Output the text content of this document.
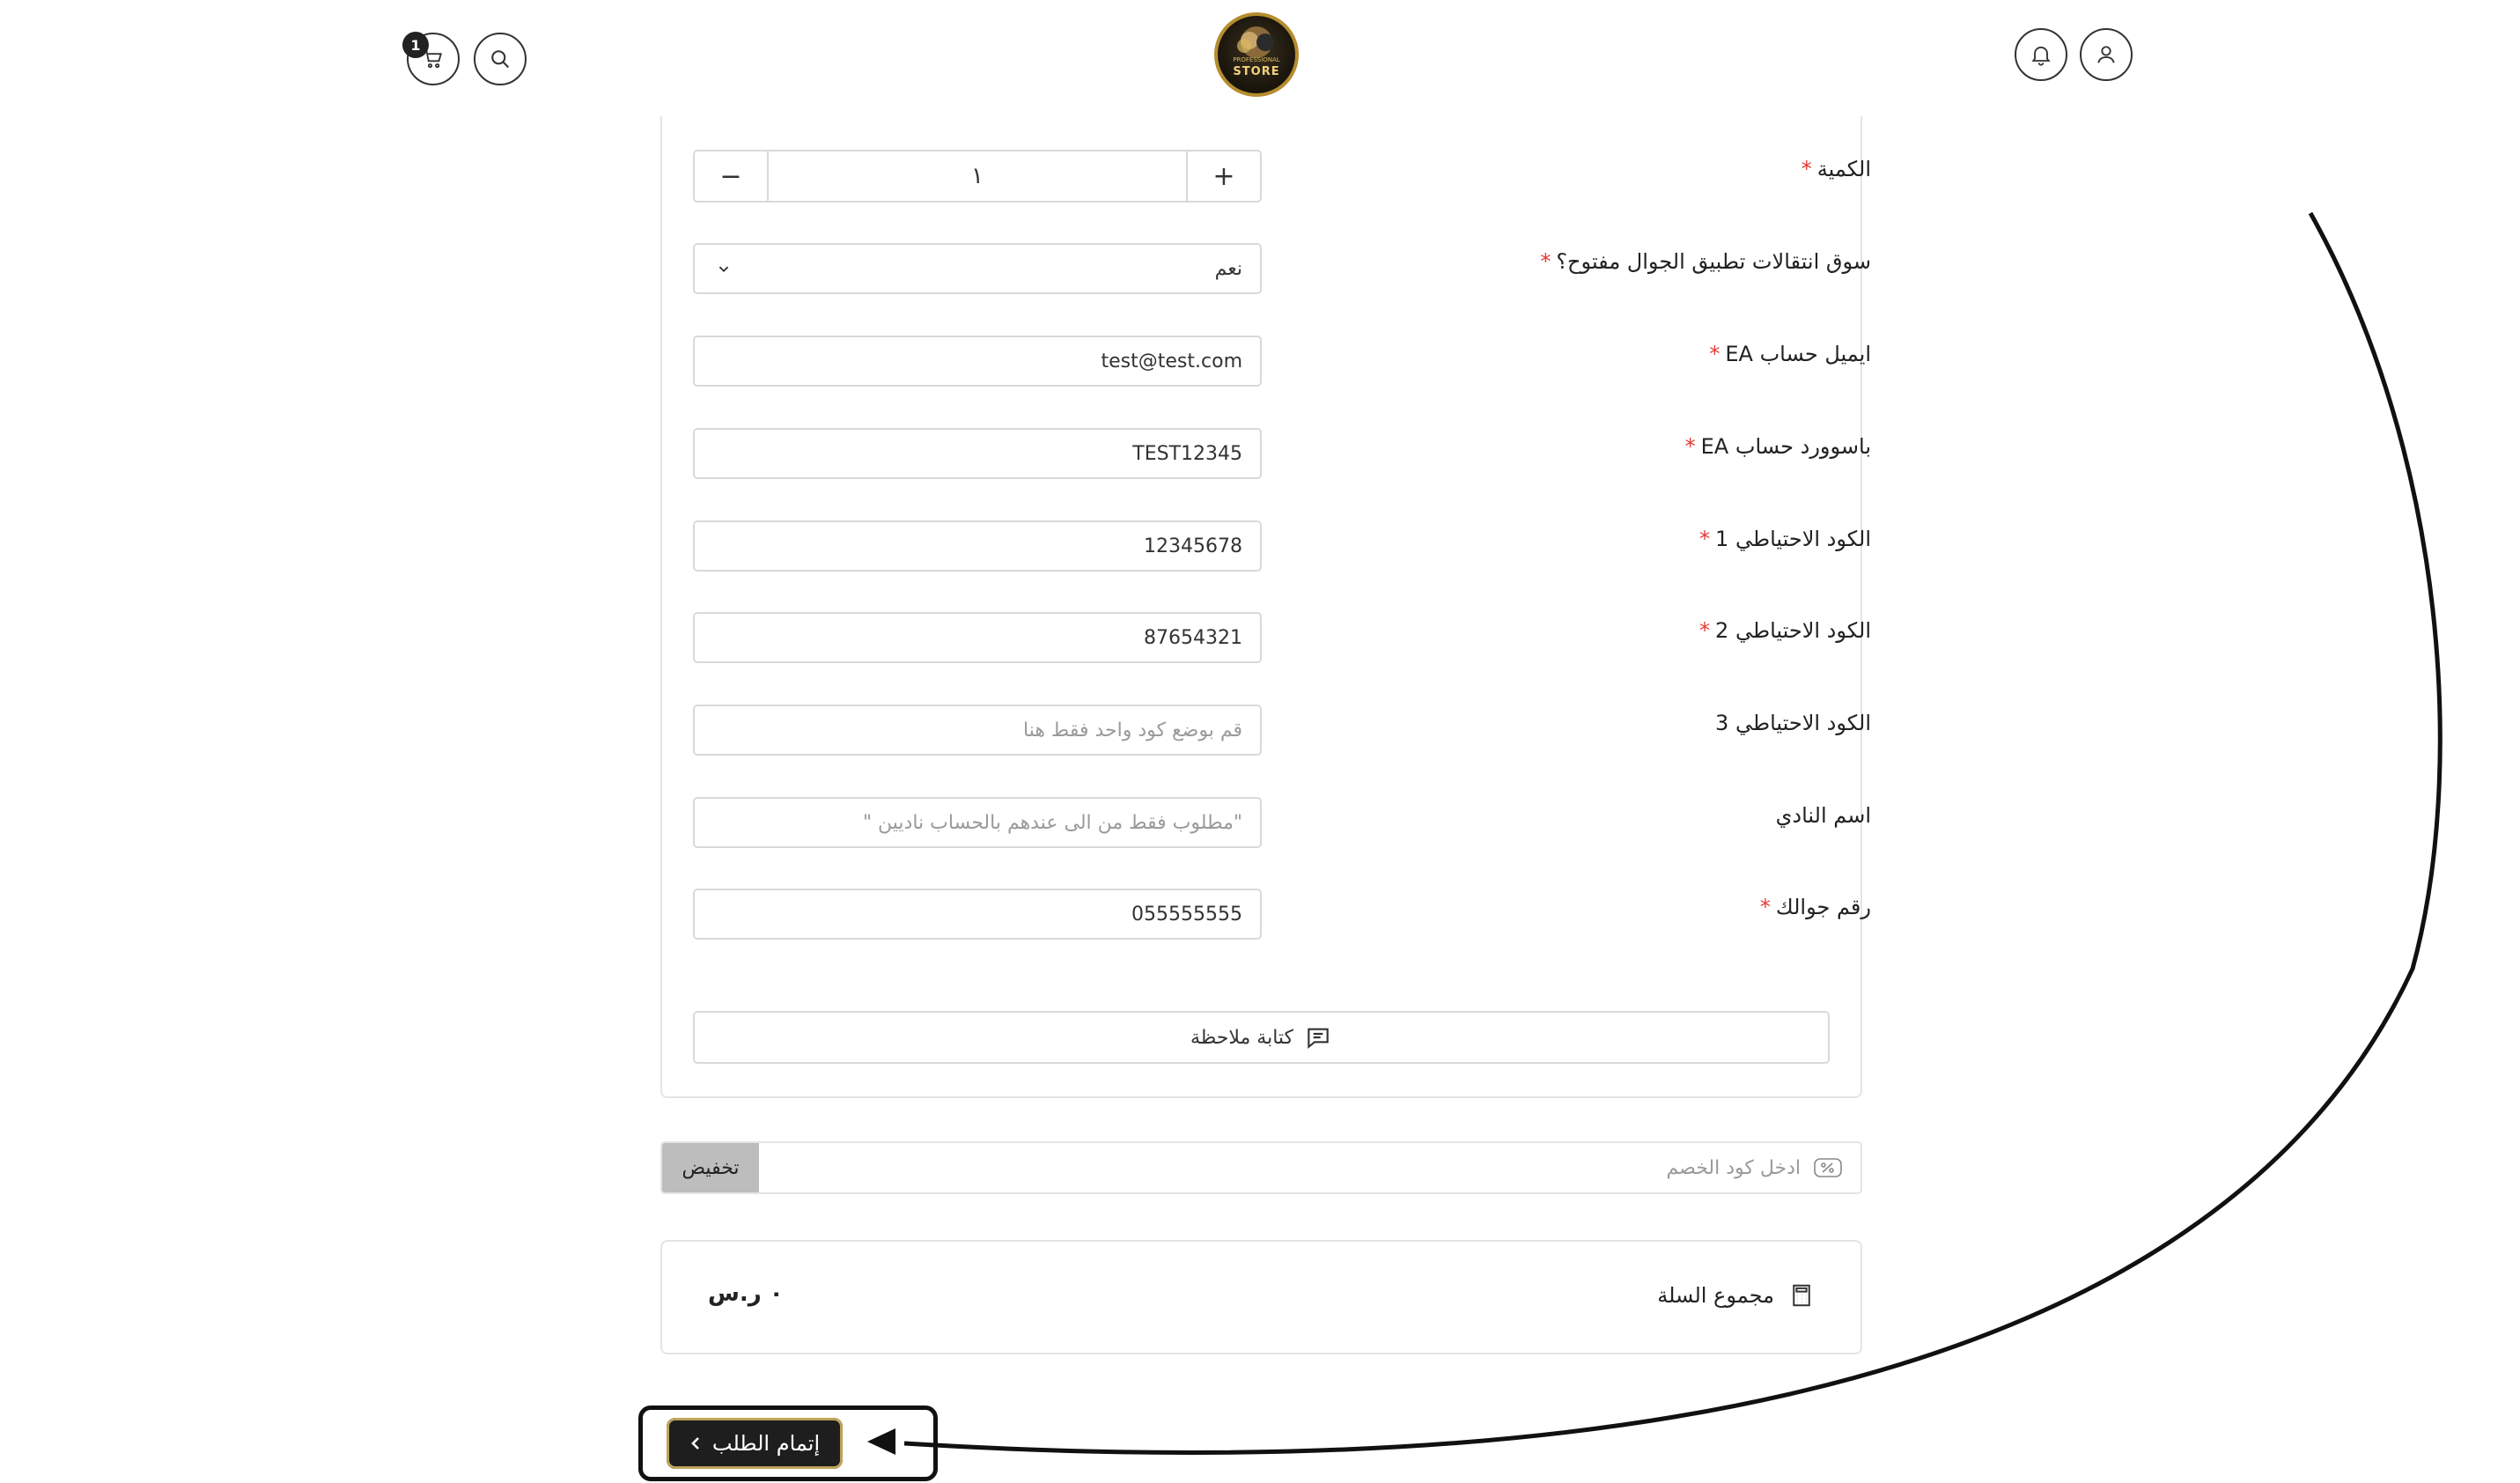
1
PROFESSIONAL
STORE
الكمية*
−	١	+
سوق انتقالات تطبيق الجوال مفتوح؟*
نعم
ايميل حساب EA*
test@test.com
باسوورد حساب EA*
TEST12345
الكود الاحتياطي 1*
12345678
الكود الاحتياطي 2*
87654321
الكود الاحتياطي 3
قم بوضع كود واحد فقط هنا
اسم النادي
"مطلوب فقط من الى عندهم بالحساب ناديين "
رقم جوالك*
055555555
كتابة ملاحظة
تخفيض	ادخل كود الخصم
مجموع السلة
٠ ر.س
إتمام الطلب
